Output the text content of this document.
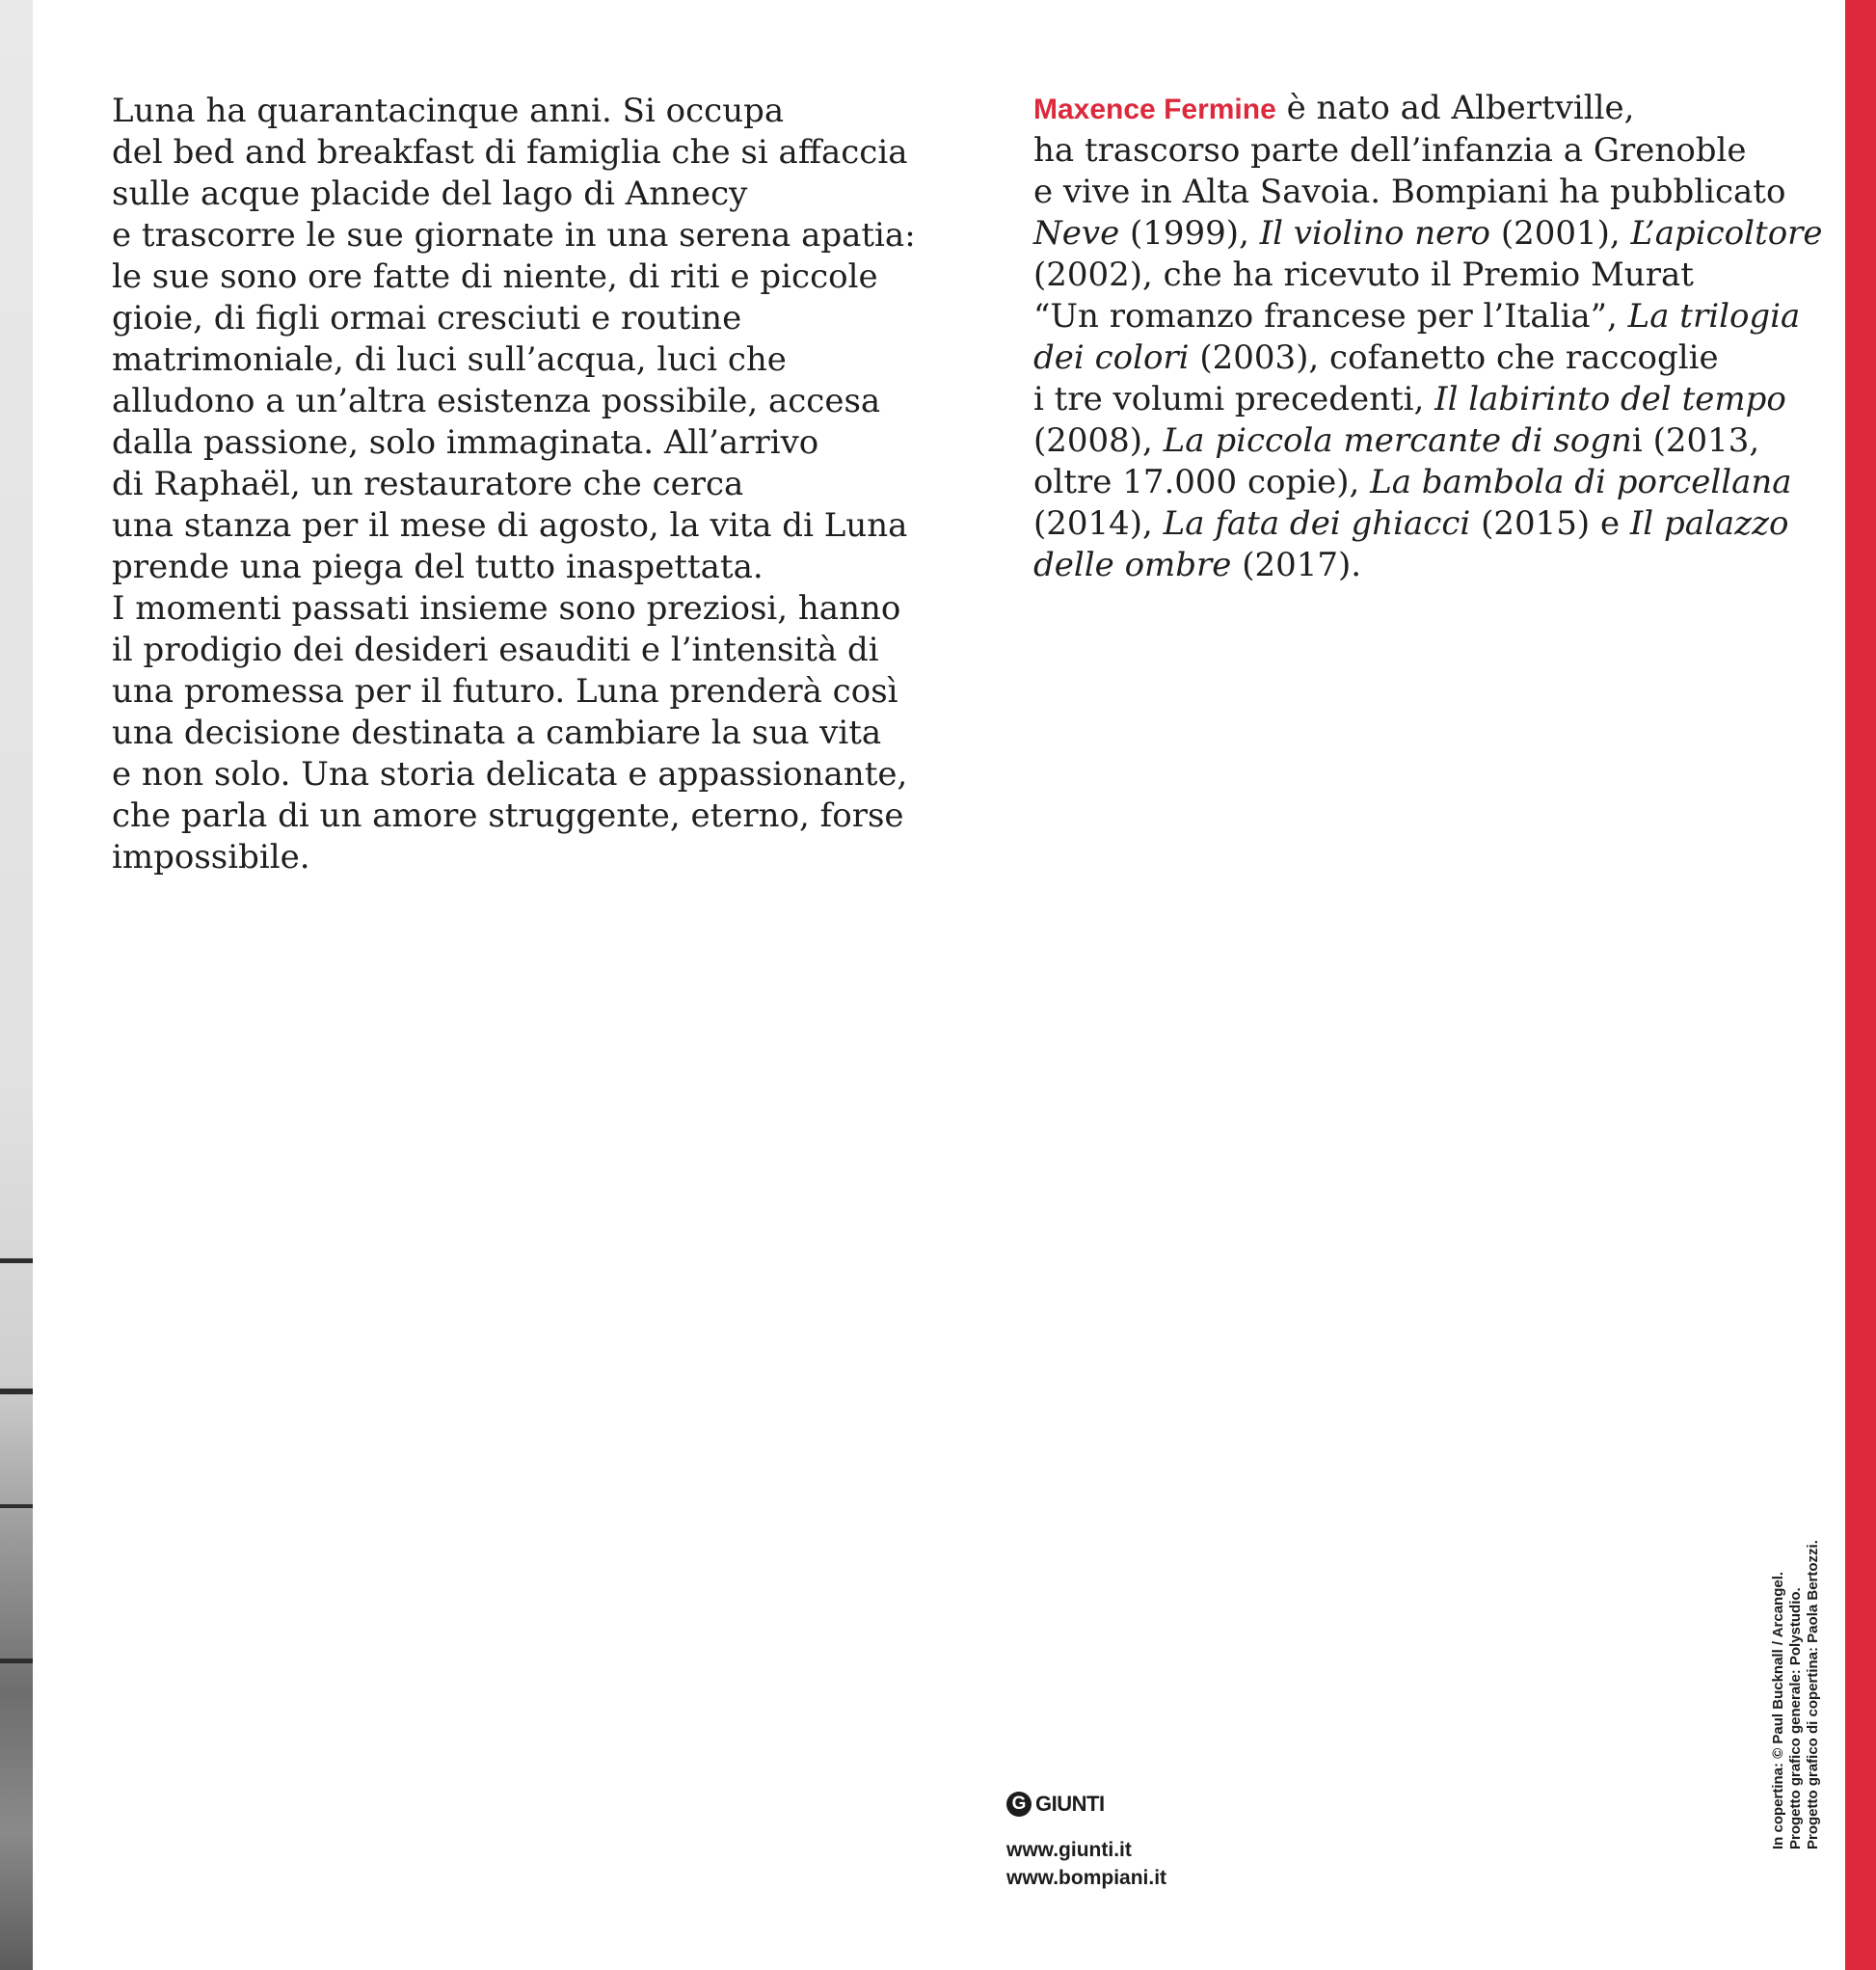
Luna ha quarantacinque anni. Si occupa
del bed and breakfast di famiglia che si affaccia
sulle acque placide del lago di Annecy
e trascorre le sue giornate in una serena apatia:
le sue sono ore fatte di niente, di riti e piccole
gioie, di figli ormai cresciuti e routine
matrimoniale, di luci sull’acqua, luci che
alludono a un’altra esistenza possibile, accesa
dalla passione, solo immaginata. All’arrivo
di Raphaël, un restauratore che cerca
una stanza per il mese di agosto, la vita di Luna
prende una piega del tutto inaspettata.
I momenti passati insieme sono preziosi, hanno
il prodigio dei desideri esauditi e l’intensità di
una promessa per il futuro. Luna prenderà così
una decisione destinata a cambiare la sua vita
e non solo. Una storia delicata e appassionante,
che parla di un amore struggente, eterno, forse
impossibile.
Maxence Fermine è nato ad Albertville,
ha trascorso parte dell’infanzia a Grenoble
e vive in Alta Savoia. Bompiani ha pubblicato
Neve (1999), Il violino nero (2001), L’apicoltore
(2002), che ha ricevuto il Premio Murat
“Un romanzo francese per l’Italia”, La trilogia
dei colori (2003), cofanetto che raccoglie
i tre volumi precedenti, Il labirinto del tempo
(2008), La piccola mercante di sogni (2013,
oltre 17.000 copie), La bambola di porcellana
(2014), La fata dei ghiacci (2015) e Il palazzo
delle ombre (2017).
G GIUNTI
www.giunti.it
www.bompiani.it
In copertina: © Paul Bucknall / Arcangel. Progetto grafico generale: Polystudio. Progetto grafico di copertina: Paola Bertozzi.
